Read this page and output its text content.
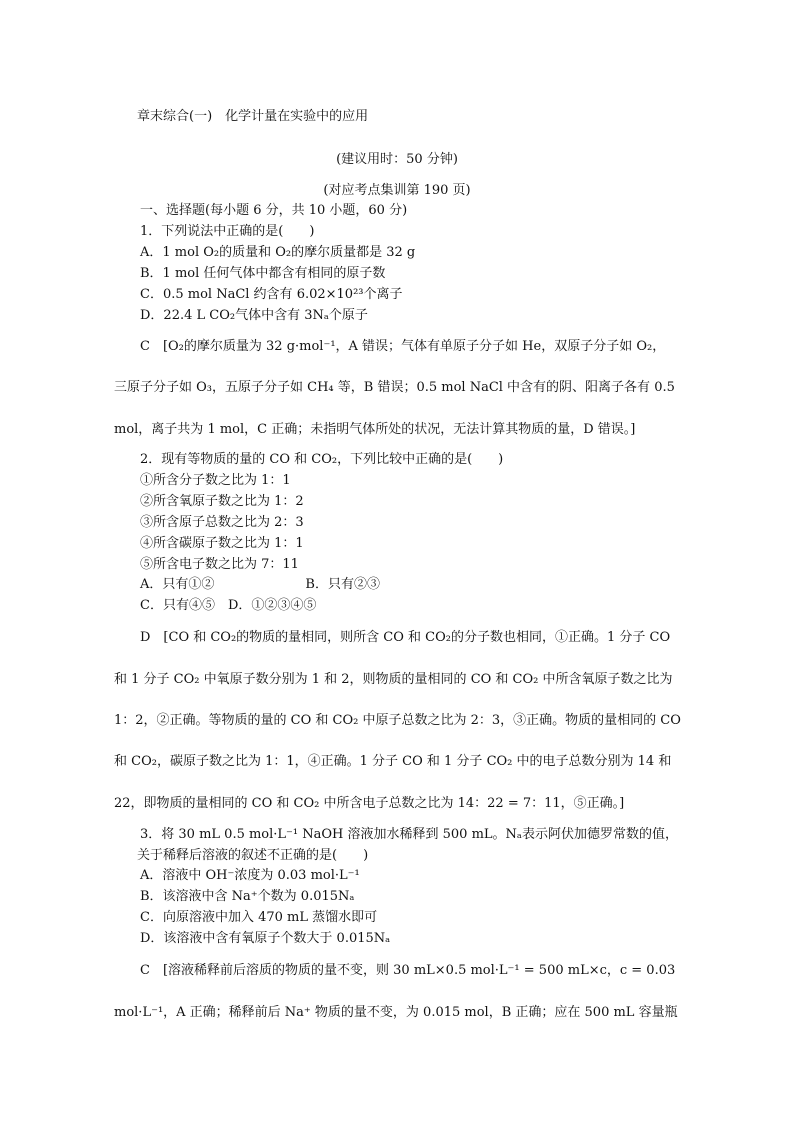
章末综合(一)　化学计量在实验中的应用
(建议用时：50 分钟)
(对应考点集训第 190 页)
一、选择题(每小题 6 分，共 10 小题，60 分)
1．下列说法中正确的是(　　)
A．1 mol O₂的质量和 O₂的摩尔质量都是 32 g
B．1 mol 任何气体中都含有相同的原子数
C．0.5 mol NaCl 约含有 6.02×10²³个离子
D．22.4 L CO₂气体中含有 3Nₐ个原子
C　[O₂的摩尔质量为 32 g·mol⁻¹，A 错误；气体有单原子分子如 He，双原子分子如 O₂，
三原子分子如 O₃，五原子分子如 CH₄ 等，B 错误；0.5 mol NaCl 中含有的阴、阳离子各有 0.5
mol，离子共为 1 mol，C 正确；未指明气体所处的状况，无法计算其物质的量，D 错误。]
2．现有等物质的量的 CO 和 CO₂，下列比较中正确的是(　　)
①所含分子数之比为 1：1
②所含氧原子数之比为 1：2
③所含原子总数之比为 2：3
④所含碳原子数之比为 1：1
⑤所含电子数之比为 7：11
A．只有①②　　　　　　　B．只有②③
C．只有④⑤　D．①②③④⑤
D　[CO 和 CO₂的物质的量相同，则所含 CO 和 CO₂的分子数也相同，①正确。1 分子 CO
和 1 分子 CO₂ 中氧原子数分别为 1 和 2，则物质的量相同的 CO 和 CO₂ 中所含氧原子数之比为
1：2，②正确。等物质的量的 CO 和 CO₂ 中原子总数之比为 2：3，③正确。物质的量相同的 CO
和 CO₂，碳原子数之比为 1：1，④正确。1 分子 CO 和 1 分子 CO₂ 中的电子总数分别为 14 和
22，即物质的量相同的 CO 和 CO₂ 中所含电子总数之比为 14：22 = 7：11，⑤正确。]
3．将 30 mL 0.5 mol·L⁻¹ NaOH 溶液加水稀释到 500 mL。Nₐ表示阿伏加德罗常数的值，
关于稀释后溶液的叙述不正确的是(　　)
A．溶液中 OH⁻浓度为 0.03 mol·L⁻¹
B．该溶液中含 Na⁺个数为 0.015Nₐ
C．向原溶液中加入 470 mL 蒸馏水即可
D．该溶液中含有氧原子个数大于 0.015Nₐ
C　[溶液稀释前后溶质的物质的量不变，则 30 mL×0.5 mol·L⁻¹ = 500 mL×c，c = 0.03
mol·L⁻¹，A 正确；稀释前后 Na⁺ 物质的量不变，为 0.015 mol，B 正确；应在 500 mL 容量瓶
